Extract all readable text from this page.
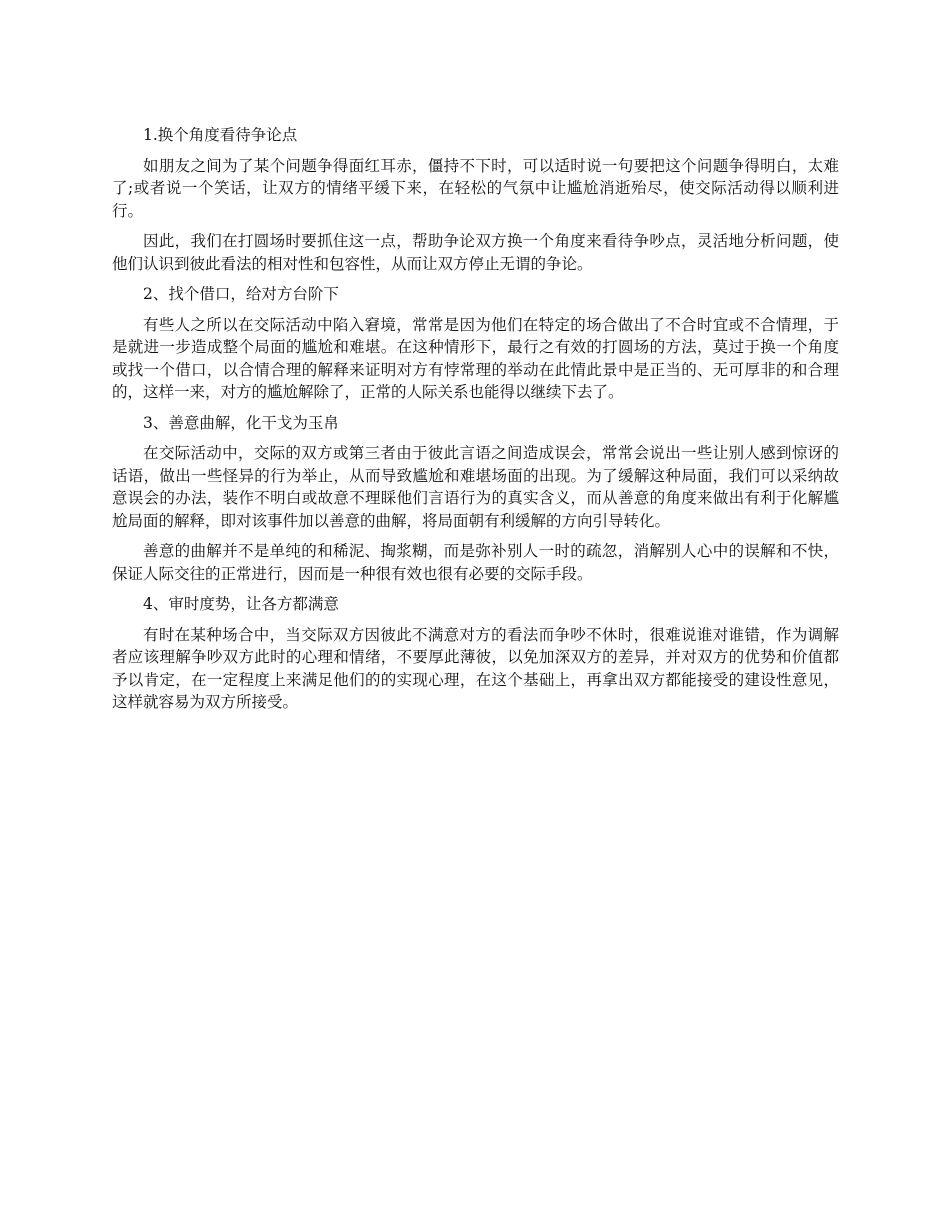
1.换个角度看待争论点

如朋友之间为了某个问题争得面红耳赤，僵持不下时，可以适时说一句要把这个问题争得明白，太难了;或者说一个笑话，让双方的情绪平缓下来，在轻松的气氛中让尴尬消逝殆尽，使交际活动得以顺利进行。

因此，我们在打圆场时要抓住这一点，帮助争论双方换一个角度来看待争吵点，灵活地分析问题，使他们认识到彼此看法的相对性和包容性，从而让双方停止无谓的争论。

2、找个借口，给对方台阶下

有些人之所以在交际活动中陷入窘境，常常是因为他们在特定的场合做出了不合时宜或不合情理，于是就进一步造成整个局面的尴尬和难堪。在这种情形下，最行之有效的打圆场的方法，莫过于换一个角度或找一个借口，以合情合理的解释来证明对方有悖常理的举动在此情此景中是正当的、无可厚非的和合理的，这样一来，对方的尴尬解除了，正常的人际关系也能得以继续下去了。

3、善意曲解，化干戈为玉帛

在交际活动中，交际的双方或第三者由于彼此言语之间造成误会，常常会说出一些让别人感到惊讶的话语，做出一些怪异的行为举止，从而导致尴尬和难堪场面的出现。为了缓解这种局面，我们可以采纳故意误会的办法，装作不明白或故意不理睬他们言语行为的真实含义，而从善意的角度来做出有利于化解尴尬局面的解释，即对该事件加以善意的曲解，将局面朝有利缓解的方向引导转化。

善意的曲解并不是单纯的和稀泥、掏浆糊，而是弥补别人一时的疏忽，消解别人心中的误解和不快，保证人际交往的正常进行，因而是一种很有效也很有必要的交际手段。

4、审时度势，让各方都满意

有时在某种场合中，当交际双方因彼此不满意对方的看法而争吵不休时，很难说谁对谁错，作为调解者应该理解争吵双方此时的心理和情绪，不要厚此薄彼，以免加深双方的差异，并对双方的优势和价值都予以肯定，在一定程度上来满足他们的的实现心理，在这个基础上，再拿出双方都能接受的建设性意见，这样就容易为双方所接受。
